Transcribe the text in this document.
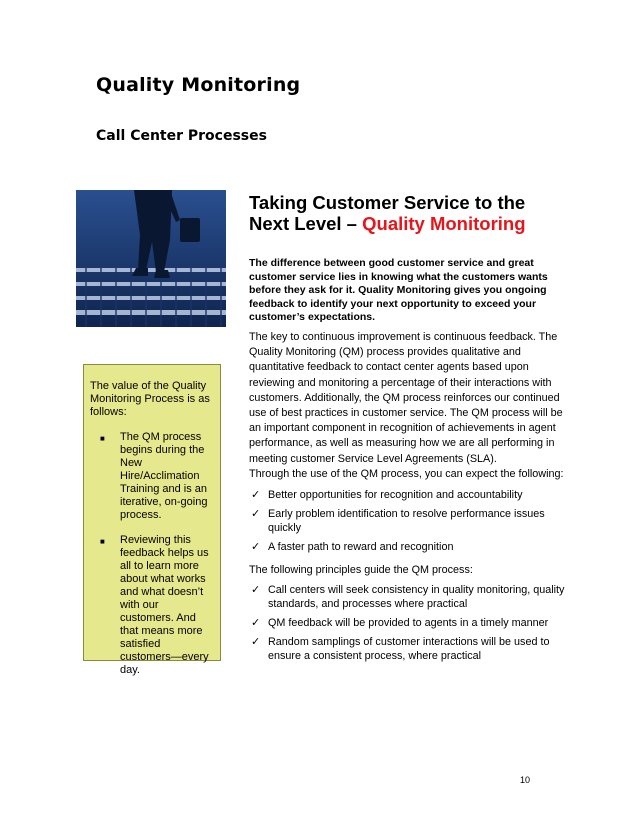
Quality Monitoring
Call Center Processes
The value of the Quality Monitoring Process is as follows:
■ The QM process begins during the New Hire/Acclimation Training and is an iterative, on-going process.
■ Reviewing this feedback helps us all to learn more about what works and what doesn’t with our customers. And that means more satisfied customers—every day.
Taking Customer Service to the
Next Level – Quality Monitoring

The difference between good customer service and great customer service lies in knowing what the customers wants before they ask for it. Quality Monitoring gives you ongoing feedback to identify your next opportunity to exceed your customer’s expectations.

The key to continuous improvement is continuous feedback. The Quality Monitoring (QM) process provides qualitative and quantitative feedback to contact center agents based upon reviewing and monitoring a percentage of their interactions with customers. Additionally, the QM process reinforces our continued use of best practices in customer service. The QM process will be an important component in recognition of achievements in agent performance, as well as measuring how we are all performing in meeting customer Service Level Agreements (SLA).

Through the use of the QM process, you can expect the following:

✓ Better opportunities for recognition and accountability
✓ Early problem identification to resolve performance issues quickly
✓ A faster path to reward and recognition

The following principles guide the QM process:

✓ Call centers will seek consistency in quality monitoring, quality standards, and processes where practical
✓ QM feedback will be provided to agents in a timely manner
✓ Random samplings of customer interactions will be used to ensure a consistent process, where practical
10
